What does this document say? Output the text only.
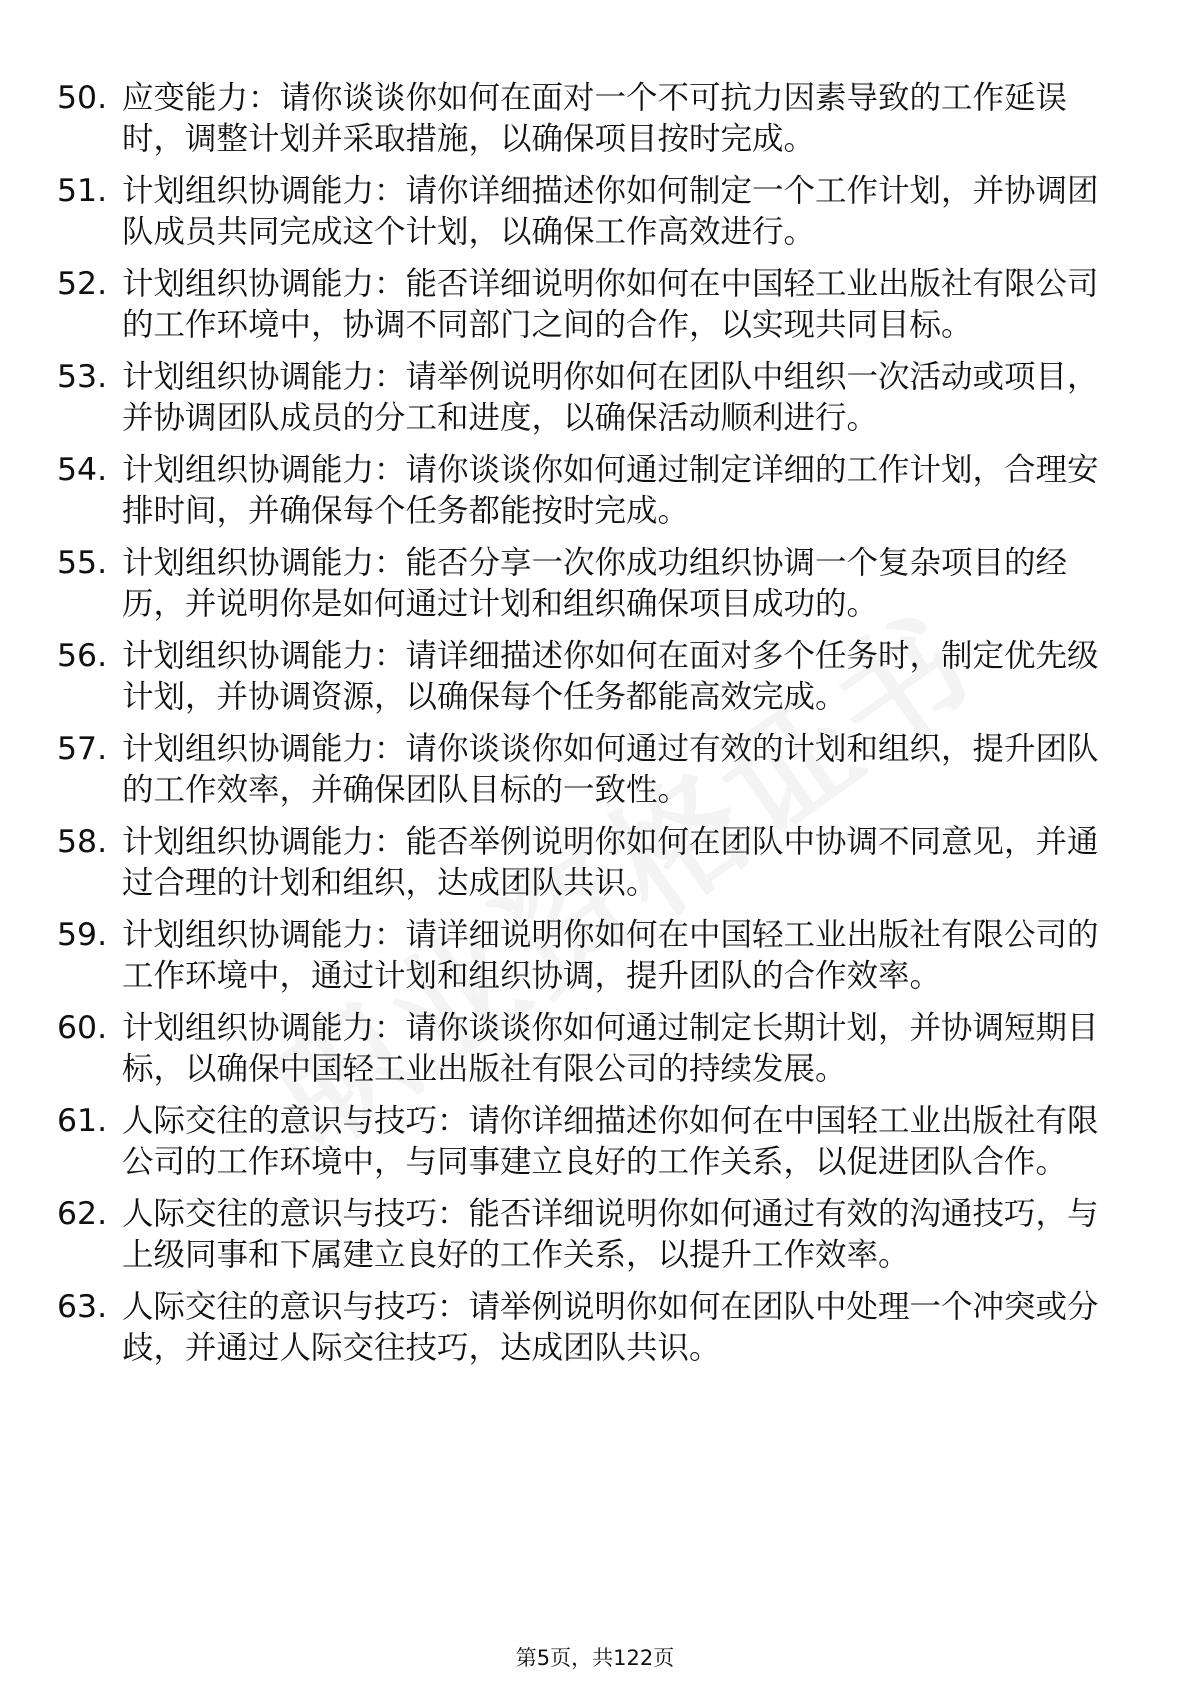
50. 应变能力：请你谈谈你如何在面对一个不可抗力因素导致的工作延误时，调整计划并采取措施，以确保项目按时完成。
51. 计划组织协调能力：请你详细描述你如何制定一个工作计划，并协调团队成员共同完成这个计划，以确保工作高效进行。
52. 计划组织协调能力：能否详细说明你如何在中国轻工业出版社有限公司的工作环境中，协调不同部门之间的合作，以实现共同目标。
53. 计划组织协调能力：请举例说明你如何在团队中组织一次活动或项目，并协调团队成员的分工和进度，以确保活动顺利进行。
54. 计划组织协调能力：请你谈谈你如何通过制定详细的工作计划，合理安排时间，并确保每个任务都能按时完成。
55. 计划组织协调能力：能否分享一次你成功组织协调一个复杂项目的经历，并说明你是如何通过计划和组织确保项目成功的。
56. 计划组织协调能力：请详细描述你如何在面对多个任务时，制定优先级计划，并协调资源，以确保每个任务都能高效完成。
57. 计划组织协调能力：请你谈谈你如何通过有效的计划和组织，提升团队的工作效率，并确保团队目标的一致性。
58. 计划组织协调能力：能否举例说明你如何在团队中协调不同意见，并通过合理的计划和组织，达成团队共识。
59. 计划组织协调能力：请详细说明你如何在中国轻工业出版社有限公司的工作环境中，通过计划和组织协调，提升团队的合作效率。
60. 计划组织协调能力：请你谈谈你如何通过制定长期计划，并协调短期目标，以确保中国轻工业出版社有限公司的持续发展。
61. 人际交往的意识与技巧：请你详细描述你如何在中国轻工业出版社有限公司的工作环境中，与同事建立良好的工作关系，以促进团队合作。
62. 人际交往的意识与技巧：能否详细说明你如何通过有效的沟通技巧，与上级同事和下属建立良好的工作关系，以提升工作效率。
63. 人际交往的意识与技巧：请举例说明你如何在团队中处理一个冲突或分歧，并通过人际交往技巧，达成团队共识。
第5页，共122页
